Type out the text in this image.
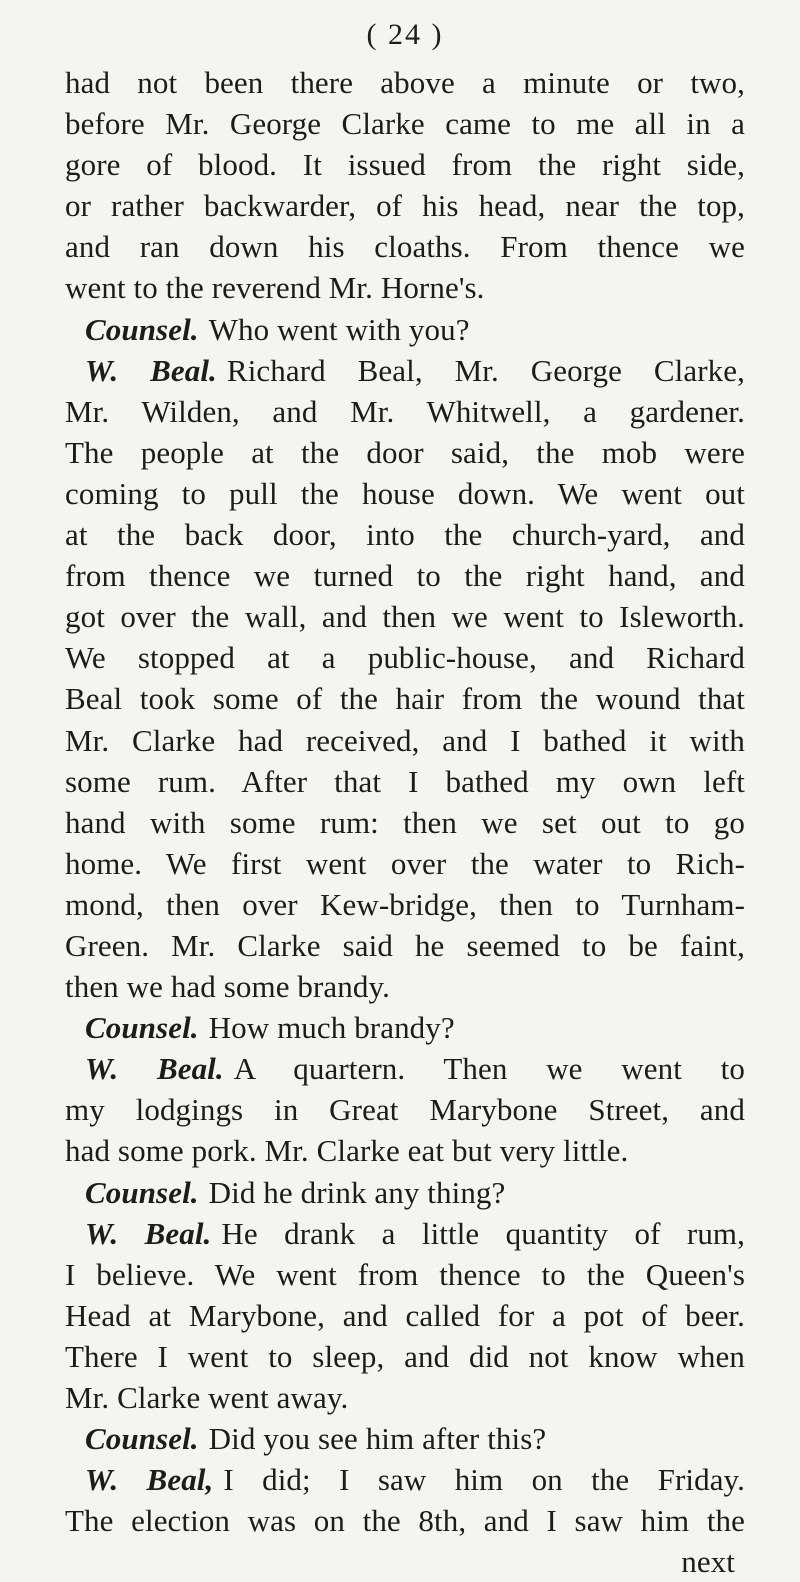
( 24 )
had not been there above a minute or two,
before Mr. George Clarke came to me all in a
gore of blood. It issued from the right side,
or rather backwarder, of his head, near the top,
and ran down his cloaths. From thence we
went to the reverend Mr. Horne's.
Counsel. Who went with you?
W. Beal. Richard Beal, Mr. George Clarke,
Mr. Wilden, and Mr. Whitwell, a gardener.
The people at the door said, the mob were
coming to pull the house down. We went out
at the back door, into the church-yard, and
from thence we turned to the right hand, and
got over the wall, and then we went to Isleworth.
We stopped at a public-house, and Richard
Beal took some of the hair from the wound that
Mr. Clarke had received, and I bathed it with
some rum. After that I bathed my own left
hand with some rum: then we set out to go
home. We first went over the water to Rich-
mond, then over Kew-bridge, then to Turnham-
Green. Mr. Clarke said he seemed to be faint,
then we had some brandy.
Counsel. How much brandy?
W. Beal. A quartern. Then we went to
my lodgings in Great Marybone Street, and
had some pork. Mr. Clarke eat but very little.
Counsel. Did he drink any thing?
W. Beal. He drank a little quantity of rum,
I believe. We went from thence to the Queen's
Head at Marybone, and called for a pot of beer.
There I went to sleep, and did not know when
Mr. Clarke went away.
Counsel. Did you see him after this?
W. Beal, I did; I saw him on the Friday.
The election was on the 8th, and I saw him the
next
